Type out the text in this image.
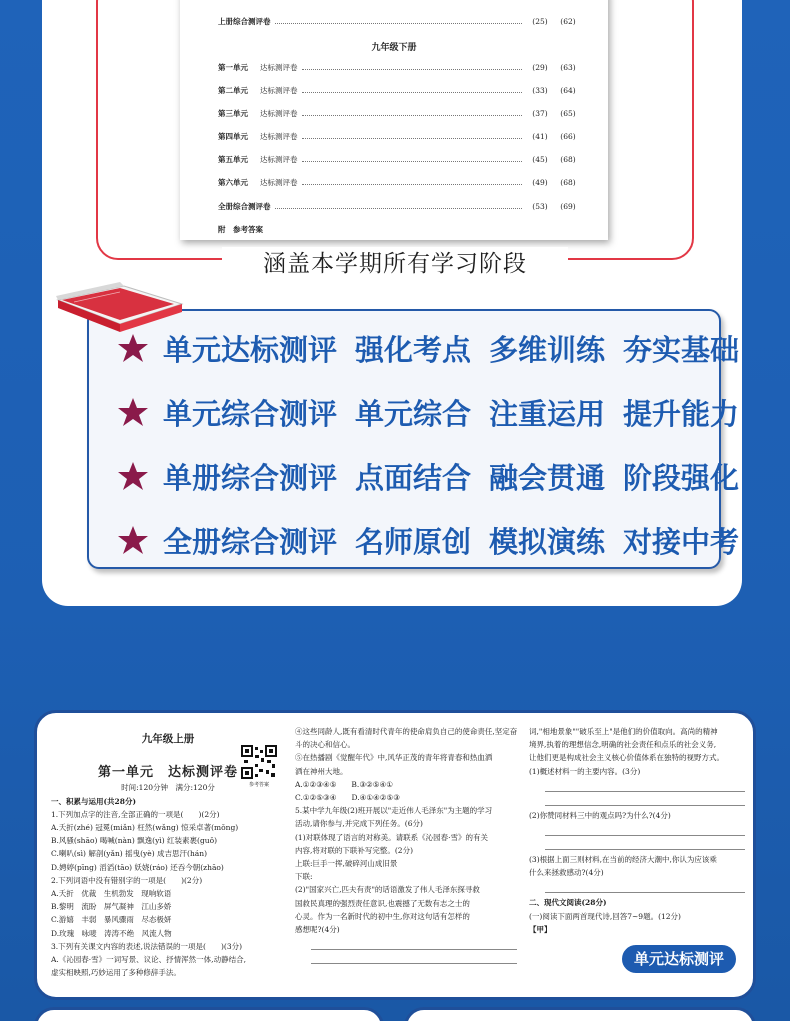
上册综合测评卷	(25)	(62)
九年级下册
第一单元	达标测评卷	(29)	(63)
第二单元	达标测评卷	(33)	(64)
第三单元	达标测评卷	(37)	(65)
第四单元	达标测评卷	(41)	(66)
第五单元	达标测评卷	(45)	(68)
第六单元	达标测评卷	(49)	(68)
全册综合测评卷	(53)	(69)
附　参考答案
涵盖本学期所有学习阶段
单元达标测评 强化考点 多维训练 夯实基础
单元综合测评 单元综合 注重运用 提升能力
单册综合测评 点面结合 融会贯通 阶段强化
全册综合测评 名师原创 模拟演练 对接中考
九年级上册
第一单元　达标测评卷
时间:120分钟　满分:120分
一、积累与运用(共28分)
1.下列加点字的注音,全部正确的一项是(　　)(2分)
A.夭折(zhé) 冠冕(miǎn) 枉然(wǎng) 惊采卓著(mǒng)
B.风骚(shāo) 喝喊(nàn) 飘逸(yì) 红装素裹(guǒ)
C.喇叭(sì) 解剖(yǎn) 摇曳(yè) 成吉思汗(hán)
D.娉婷(pīng) 滔滔(tāo) 妖娆(ráo) 还吞今朝(zhāo)
2.下列词语中没有错别字的一项是(　　)(2分)
A.夭折　优裁　生机勃发　现响软语
B.黎明　流盼　屏气凝神　江山多娇
C.游嬉　丰弱　暴风骤雨　尽态极妍
D.玫瑰　咏唛　涛涛不绝　风流人物
3.下列有关课文内容的表述,说法错误的一项是(　　)(3分)
A.《沁园春·雪》一词写景、议论、抒情浑然一体,动静结合,
虚实相映照,巧妙运用了多种修辞手法。
参考答案
④这些同龄人,既有看清时代青年的使命肩负自己的使命责任,坚定奋
斗的决心和信心。
⑤在热播剧《觉醒年代》中,风华正茂的青年将青春和热血洒
洒在神州大地。
A.①②③④⑤　　B.③②⑤④①
C.①②⑤③④　　D.④①④②⑤③
5.某中学九年级(2)班开展以"走近伟人毛泽东"为主题的学习
活动,请你参与,并完成下列任务。(6分)
(1)对联体现了语言的对称美。请联系《沁园春·雪》的有关
内容,将对联的下联补写完整。(2分)
上联:巨手一挥,破碎河山成旧景
下联:
(2)"国家兴亡,匹夫有责"的话语激发了伟人毛泽东探寻救
国救民真理的强烈责任意识,也震撼了无数有志之士的
心灵。作为一名新时代的初中生,你对这句话有怎样的
感想呢?(4分)
词,"相地景象""破乐至上"是他们的价值取向。高尚的精神
境界,执着的理想信念,明确的社会责任和点乐的社会义务,
让他们更是构成社会主义核心价值体系在独特的视野方式。
(1)概述材料一的主要内容。(3分)
(2)你赞同材料三中的观点吗?为什么?(4分)
(3)根据上面三则材料,在当前的经济大潮中,你认为应该乘
什么来拯救感动?(4分)
二、现代文阅读(28分)
(一)阅读下面两首现代诗,回答7~9题。(12分)
【甲】
单元达标测评
